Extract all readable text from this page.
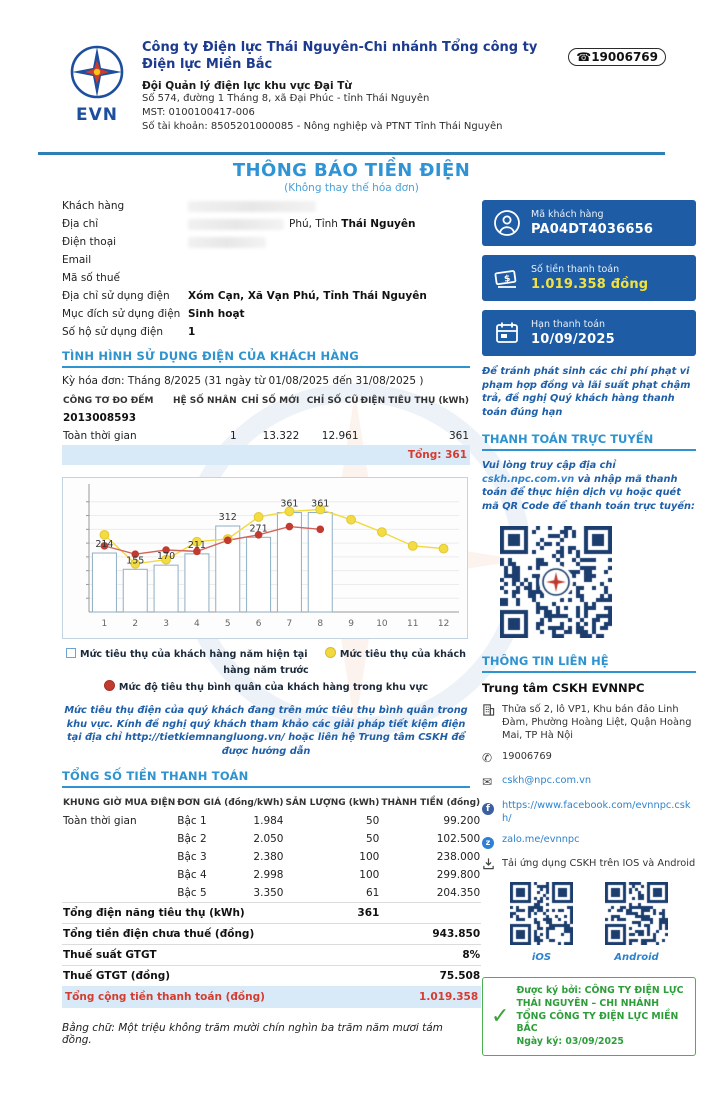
EVN
☎19006769
Công ty Điện lực Thái Nguyên-Chi nhánh Tổng công ty Điện lực Miền Bắc
Đội Quản lý điện lực khu vực Đại Từ
Số 574, đường 1 Tháng 8, xã Đại Phúc - tỉnh Thái Nguyên
MST: 0100100417-006
Số tài khoản: 8505201000085 - Nông nghiệp và PTNT Tỉnh Thái Nguyên
THÔNG BÁO TIỀN ĐIỆN
(Không thay thế hóa đơn)
Khách hàng
Địa chỉ	Phú, Tỉnh Thái Nguyên
Điện thoại
Email
Mã số thuế
Địa chỉ sử dụng điện	Xóm Cạn, Xã Vạn Phú, Tỉnh Thái Nguyên
Mục đích sử dụng điện Sinh hoạt
Số hộ sử dụng điện	1
TÌNH HÌNH SỬ DỤNG ĐIỆN CỦA KHÁCH HÀNG
Kỳ hóa đơn: Tháng 8/2025 (31 ngày từ 01/08/2025 đến 31/08/2025 )
CÔNG TƠ ĐO ĐẾM	HỆ SỐ NHÂN	CHỈ SỐ MỚI	CHỈ SỐ CŨ	ĐIỆN TIÊU THỤ (kWh)
2013008593				
Toàn thời gian	1	13.322	12.961	361
Tổng: 361				
214
155 170
211
312
271
361 361
1	2	3	4	5	6	7	8	9 10 11 12
Mức tiêu thụ của khách hàng năm hiện tại	Mức tiêu thụ của khách hàng năm trước
Mức độ tiêu thụ bình quân của khách hàng trong khu vực
Mức tiêu thụ điện của quý khách đang trên mức tiêu thụ bình quân trong khu vực. Kính đề nghị quý khách tham khảo các giải pháp tiết kiệm điện tại địa chỉ http://tietkiemnangluong.vn/ hoặc liên hệ Trung tâm CSKH để được hướng dẫn
TỔNG SỐ TIỀN THANH TOÁN
KHUNG GIỜ MUA ĐIỆN	ĐƠN GIÁ (đồng/kWh)		SẢN LƯỢNG (kWh)	THÀNH TIỀN (đồng)
Toàn thời gian	Bậc 1	1.984	50	99.200
	Bậc 2	2.050	50	102.500
	Bậc 3	2.380	100	238.000
	Bậc 4	2.998	100	299.800
	Bậc 5	3.350	61	204.350
Tổng điện năng tiêu thụ (kWh)			361	
Tổng tiền điện chưa thuế (đồng)				943.850
Thuế suất GTGT				8%
Thuế GTGT (đồng)				75.508
Tổng cộng tiền thanh toán (đồng)				1.019.358
Bằng chữ: Một triệu không trăm mười chín nghìn ba trăm năm mươi tám đồng.
Mã khách hàng
PA04DT4036656
$
Số tiền thanh toán
1.019.358 đồng
Hạn thanh toán
10/09/2025
Để tránh phát sinh các chi phí phạt vi phạm hợp đồng và lãi suất phạt chậm trả, đề nghị Quý khách hàng thanh toán đúng hạn
THANH TOÁN TRỰC TUYẾN
Vui lòng truy cập địa chỉ cskh.npc.com.vn và nhập mã thanh toán để thực hiện dịch vụ hoặc quét mã QR Code để thanh toán trực tuyến:
THÔNG TIN LIÊN HỆ
Trung tâm CSKH EVNNPC
Thửa số 2, lô VP1, Khu bán đảo Linh Đàm, Phường Hoàng Liệt, Quận Hoàng Mai, TP Hà Nội
✆	19006769
✉	cskh@npc.com.vn
f	https://www.facebook.com/evnnpc.cskh/
z	zalo.me/evnnpc
Tải ứng dụng CSKH trên IOS và Android
iOS	Android
✓
Được ký bởi: CÔNG TY ĐIỆN LỰC THÁI NGUYÊN – CHI NHÁNH TỔNG CÔNG TY ĐIỆN LỰC MIỀN BẮC
Ngày ký: 03/09/2025
